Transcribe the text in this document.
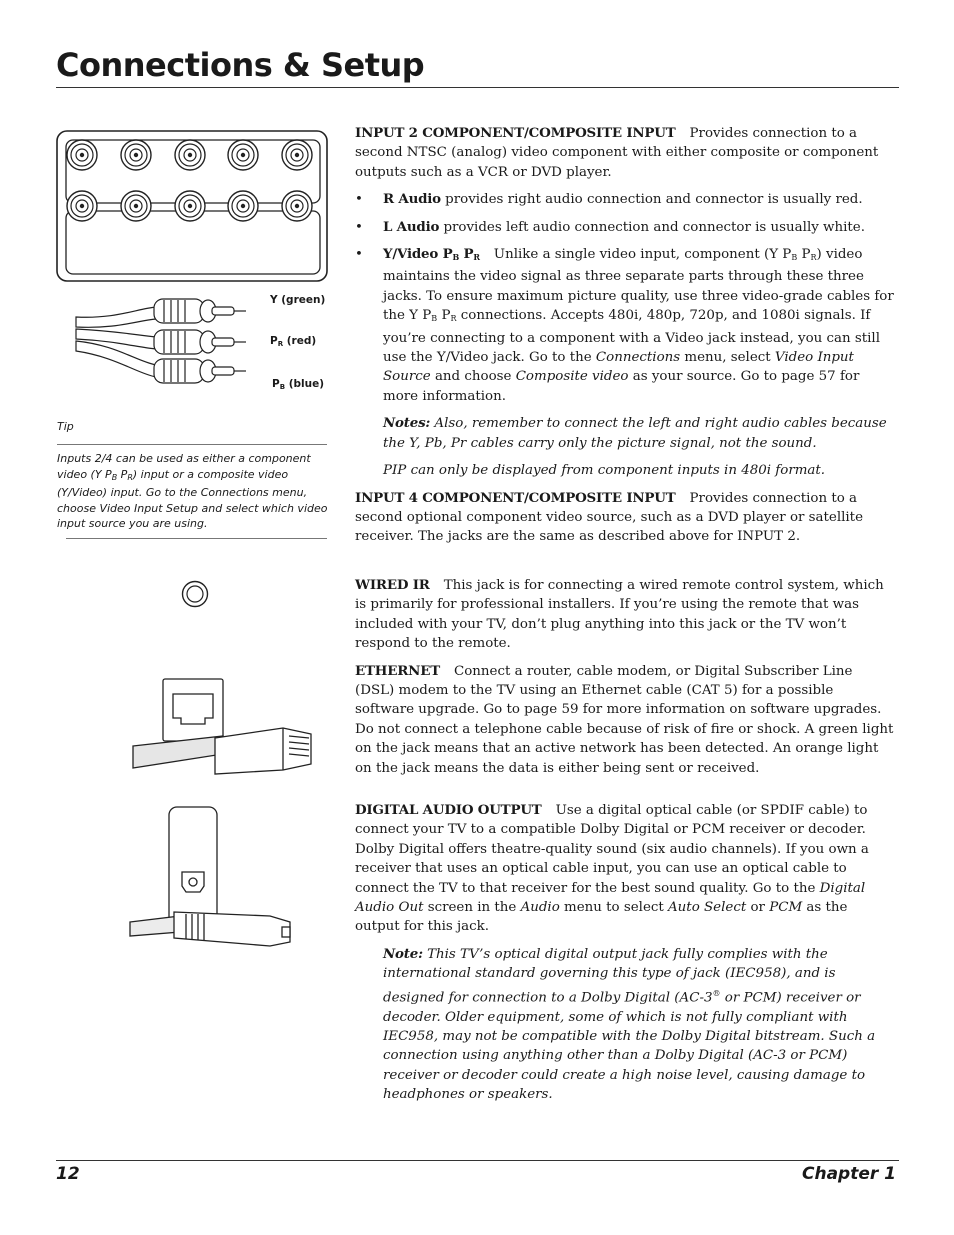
Connections & Setup
Y (green)
$P_R$ (red)
$P_B$ (blue)
Tip

Inputs 2/4 can be used as either a component video (Y $P_B$ $P_R$) input or a composite video (Y/Video) input. Go to the Connections menu, choose Video Input Setup and select which video input source you are using.

INPUT 2 COMPONENT/COMPOSITE INPUT Provides connection to a second NTSC (analog) video component with either composite or component outputs such as a VCR or DVD player.

• R Audio provides right audio connection and connector is usually red.
• L Audio provides left audio connection and connector is usually white.
• Y/Video $P_B$ $P_R$ Unlike a single video input, component (Y $P_B$ $P_R$) video maintains the video signal as three separate parts through these three jacks. To ensure maximum picture quality, use three video-grade cables for the Y $P_B$ $P_R$ connections. Accepts 480i, 480p, 720p, and 1080i signals. If you’re connecting to a component with a Video jack instead, you can still use the Y/Video jack. Go to the Connections menu, select Video Input Source and choose Composite video as your source. Go to page 57 for more information.

Notes: Also, remember to connect the left and right audio cables because the Y, Pb, Pr cables carry only the picture signal, not the sound.

PIP can only be displayed from component inputs in 480i format.

INPUT 4 COMPONENT/COMPOSITE INPUT Provides connection to a second optional component video source, such as a DVD player or satellite receiver. The jacks are the same as described above for INPUT 2.

WIRED IR This jack is for connecting a wired remote control system, which is primarily for professional installers. If you’re using the remote that was included with your TV, don’t plug anything into this jack or the TV won’t respond to the remote.

ETHERNET Connect a router, cable modem, or Digital Subscriber Line (DSL) modem to the TV using an Ethernet cable (CAT 5) for a possible software upgrade. Go to page 59 for more information on software upgrades. Do not connect a telephone cable because of risk of fire or shock. A green light on the jack means that an active network has been detected. An orange light on the jack means the data is either being sent or received.

DIGITAL AUDIO OUTPUT Use a digital optical cable (or SPDIF cable) to connect your TV to a compatible Dolby Digital or PCM receiver or decoder. Dolby Digital offers theatre-quality sound (six audio channels). If you own a receiver that uses an optical cable input, you can use an optical cable to connect the TV to that receiver for the best sound quality. Go to the Digital Audio Out screen in the Audio menu to select Auto Select or PCM as the output for this jack.

Note: This TV’s optical digital output jack fully complies with the international standard governing this type of jack (IEC958), and is designed for connection to a Dolby Digital (AC-3® or PCM) receiver or decoder. Older equipment, some of which is not fully compliant with IEC958, may not be compatible with the Dolby Digital bitstream. Such a connection using anything other than a Dolby Digital (AC-3 or PCM) receiver or decoder could create a high noise level, causing damage to headphones or speakers.

12	Chapter 1
